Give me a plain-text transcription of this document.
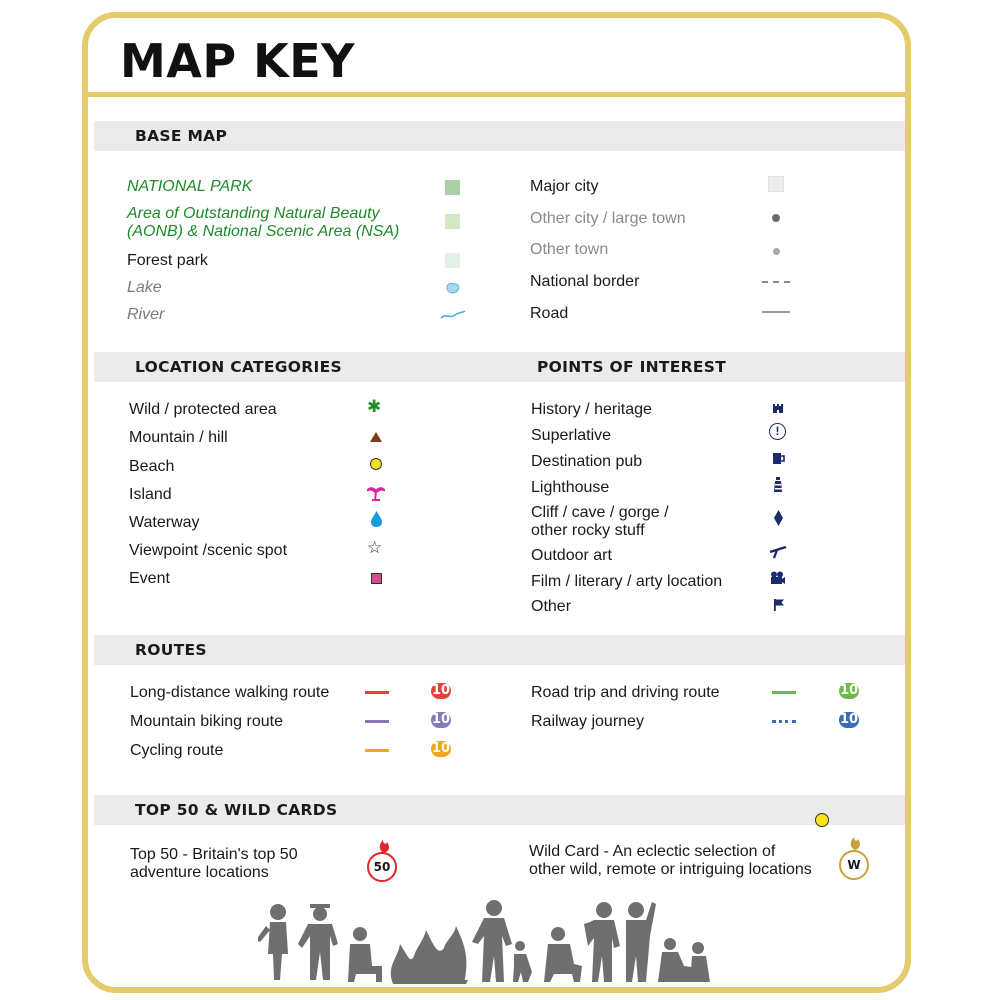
MAP KEY
BASE MAP
NATIONAL PARK
Area of Outstanding Natural Beauty (AONB) & National Scenic Area (NSA)
Forest park
Lake
River
Major city
Other city / large town
Other town
National border
Road
LOCATION CATEGORIES	POINTS OF INTEREST
Wild / protected area	✱
Mountain / hill
Beach
Island
Waterway
Viewpoint /scenic spot	☆
Event
History / heritage
Superlative	!
Destination pub
Lighthouse
Cliff / cave / gorge /
other rocky stuff
Outdoor art
Film / literary / arty location
Other
ROUTES
Long-distance walking route	10
Mountain biking route	10
Cycling route	10
Road trip and driving route	10
Railway journey	10
TOP 50 & WILD CARDS
Top 50 - Britain's top 50
adventure locations	50
Wild Card - An eclectic selection of
other wild, remote or intriguing locations	W
